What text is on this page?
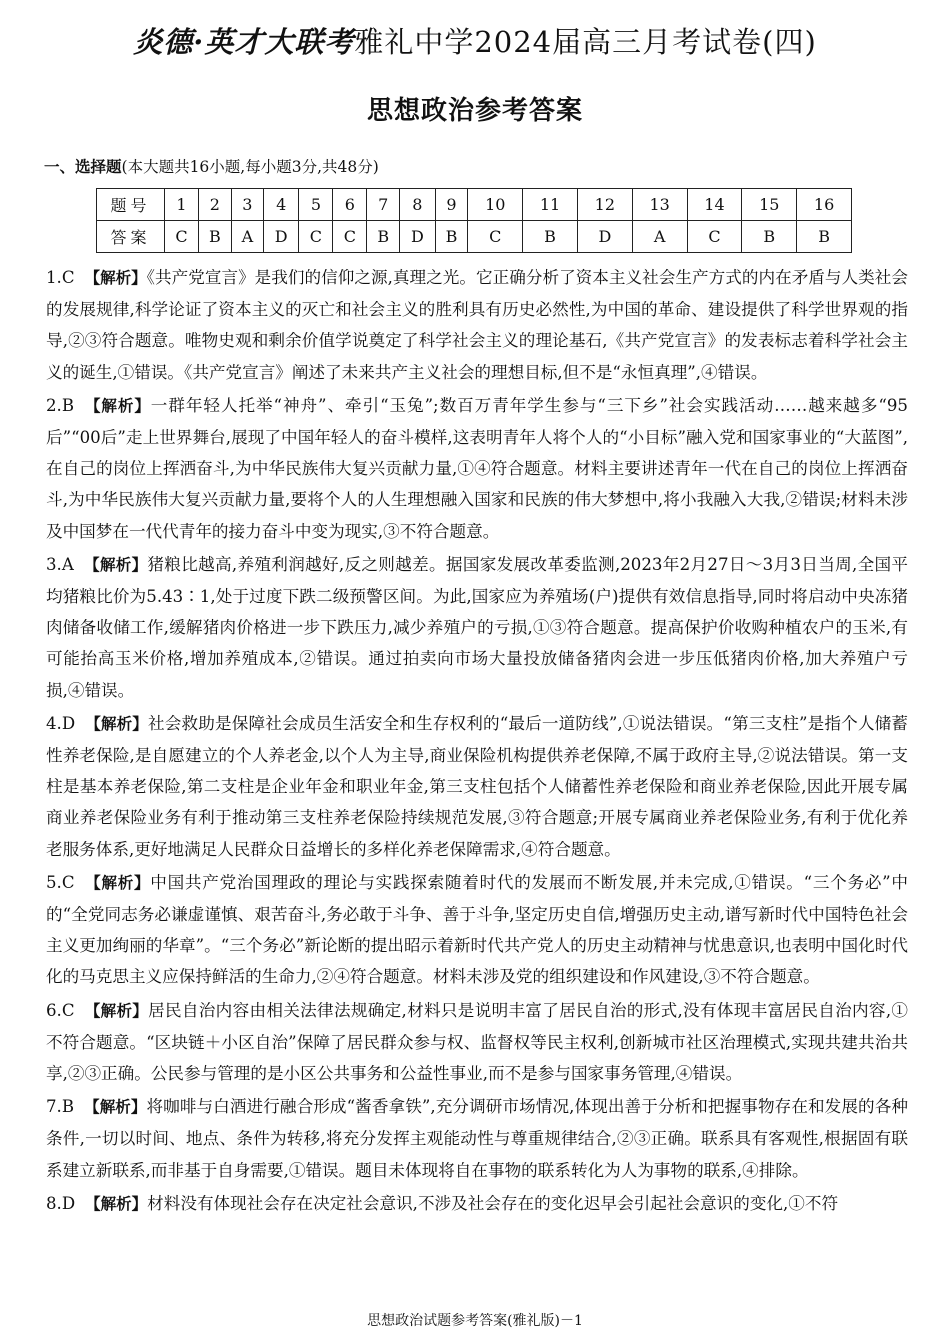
炎德·英才大联考雅礼中学2024届高三月考试卷(四)
思想政治参考答案
一、选择题(本大题共16小题,每小题3分,共48分)
题号	1	2	3	4	5	6	7	8	9	10	11	12	13	14	15	16
答案	C	B	A	D	C	C	B	D	B	C	B	D	A	C	B	B

1.C 【解析】《共产党宣言》是我们的信仰之源,真理之光。它正确分析了资本主义社会生产方式的内在矛盾与人类社会的发展规律,科学论证了资本主义的灭亡和社会主义的胜利具有历史必然性,为中国的革命、建设提供了科学世界观的指导,②③符合题意。唯物史观和剩余价值学说奠定了科学社会主义的理论基石,《共产党宣言》的发表标志着科学社会主义的诞生,①错误。《共产党宣言》阐述了未来共产主义社会的理想目标,但不是“永恒真理”,④错误。

2.B 【解析】一群年轻人托举“神舟”、牵引“玉兔”;数百万青年学生参与“三下乡”社会实践活动……越来越多“95后”“00后”走上世界舞台,展现了中国年轻人的奋斗模样,这表明青年人将个人的“小目标”融入党和国家事业的“大蓝图”,在自己的岗位上挥洒奋斗,为中华民族伟大复兴贡献力量,①④符合题意。材料主要讲述青年一代在自己的岗位上挥洒奋斗,为中华民族伟大复兴贡献力量,要将个人的人生理想融入国家和民族的伟大梦想中,将小我融入大我,②错误;材料未涉及中国梦在一代代青年的接力奋斗中变为现实,③不符合题意。

3.A 【解析】猪粮比越高,养殖利润越好,反之则越差。据国家发展改革委监测,2023年2月27日～3月3日当周,全国平均猪粮比价为5.43∶1,处于过度下跌二级预警区间。为此,国家应为养殖场(户)提供有效信息指导,同时将启动中央冻猪肉储备收储工作,缓解猪肉价格进一步下跌压力,减少养殖户的亏损,①③符合题意。提高保护价收购种植农户的玉米,有可能抬高玉米价格,增加养殖成本,②错误。通过拍卖向市场大量投放储备猪肉会进一步压低猪肉价格,加大养殖户亏损,④错误。

4.D 【解析】社会救助是保障社会成员生活安全和生存权利的“最后一道防线”,①说法错误。“第三支柱”是指个人储蓄性养老保险,是自愿建立的个人养老金,以个人为主导,商业保险机构提供养老保障,不属于政府主导,②说法错误。第一支柱是基本养老保险,第二支柱是企业年金和职业年金,第三支柱包括个人储蓄性养老保险和商业养老保险,因此开展专属商业养老保险业务有利于推动第三支柱养老保险持续规范发展,③符合题意;开展专属商业养老保险业务,有利于优化养老服务体系,更好地满足人民群众日益增长的多样化养老保障需求,④符合题意。

5.C 【解析】中国共产党治国理政的理论与实践探索随着时代的发展而不断发展,并未完成,①错误。“三个务必”中的“全党同志务必谦虚谨慎、艰苦奋斗,务必敢于斗争、善于斗争,坚定历史自信,增强历史主动,谱写新时代中国特色社会主义更加绚丽的华章”。“三个务必”新论断的提出昭示着新时代共产党人的历史主动精神与忧患意识,也表明中国化时代化的马克思主义应保持鲜活的生命力,②④符合题意。材料未涉及党的组织建设和作风建设,③不符合题意。

6.C 【解析】居民自治内容由相关法律法规确定,材料只是说明丰富了居民自治的形式,没有体现丰富居民自治内容,①不符合题意。“区块链＋小区自治”保障了居民群众参与权、监督权等民主权利,创新城市社区治理模式,实现共建共治共享,②③正确。公民参与管理的是小区公共事务和公益性事业,而不是参与国家事务管理,④错误。

7.B 【解析】将咖啡与白酒进行融合形成“酱香拿铁”,充分调研市场情况,体现出善于分析和把握事物存在和发展的各种条件,一切以时间、地点、条件为转移,将充分发挥主观能动性与尊重规律结合,②③正确。联系具有客观性,根据固有联系建立新联系,而非基于自身需要,①错误。题目未体现将自在事物的联系转化为人为事物的联系,④排除。

8.D 【解析】材料没有体现社会存在决定社会意识,不涉及社会存在的变化迟早会引起社会意识的变化,①不符

思想政治试题参考答案(雅礼版)－1
